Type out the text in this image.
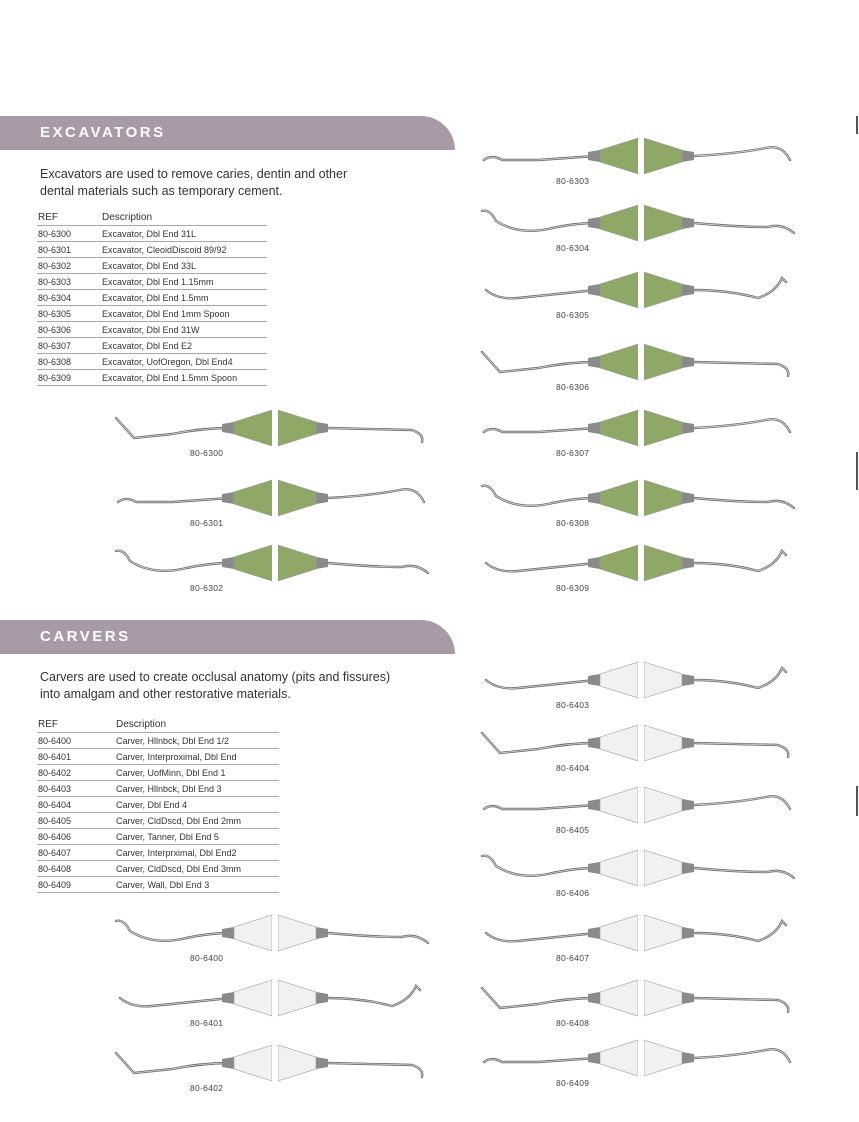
EXCAVATORS

Excavators are used to remove caries, dentin and other

dental materials such as temporary cement.

REF	Description
80-6300	Excavator, Dbl End 31L
80-6301	Excavator, CleoidDiscoid 89/92
80-6302	Excavator, Dbl End 33L
80-6303	Excavator, Dbl End 1.15mm
80-6304	Excavator, Dbl End 1.5mm
80-6305	Excavator, Dbl End 1mm Spoon
80-6306	Excavator, Dbl End 31W
80-6307	Excavator, Dbl End E2
80-6308	Excavator, UofOregon, Dbl End4
80-6309	Excavator, Dbl End 1.5mm Spoon
CARVERS

Carvers are used to create occlusal anatomy (pits and fissures)

into amalgam and other restorative materials.

REF	Description
80-6400	Carver, Hllnbck, Dbl End 1/2
80-6401	Carver, Interproximal, Dbl End
80-6402	Carver, UofMinn, Dbl End 1
80-6403	Carver, Hllnbck, Dbl End 3
80-6404	Carver, Dbl End 4
80-6405	Carver, CldDscd, Dbl End 2mm
80-6406	Carver, Tanner, Dbl End 5
80-6407	Carver, Interprximal, Dbl End2
80-6408	Carver, CldDscd, Dbl End 3mm
80-6409	Carver, Wall, Dbl End 3
80-6300
80-6301
80-6302
80-6303
80-6304
80-6305
80-6306
80-6307
80-6308
80-6309
80-6400
80-6401
80-6402
80-6403
80-6404
80-6405
80-6406
80-6407
80-6408
80-6409
